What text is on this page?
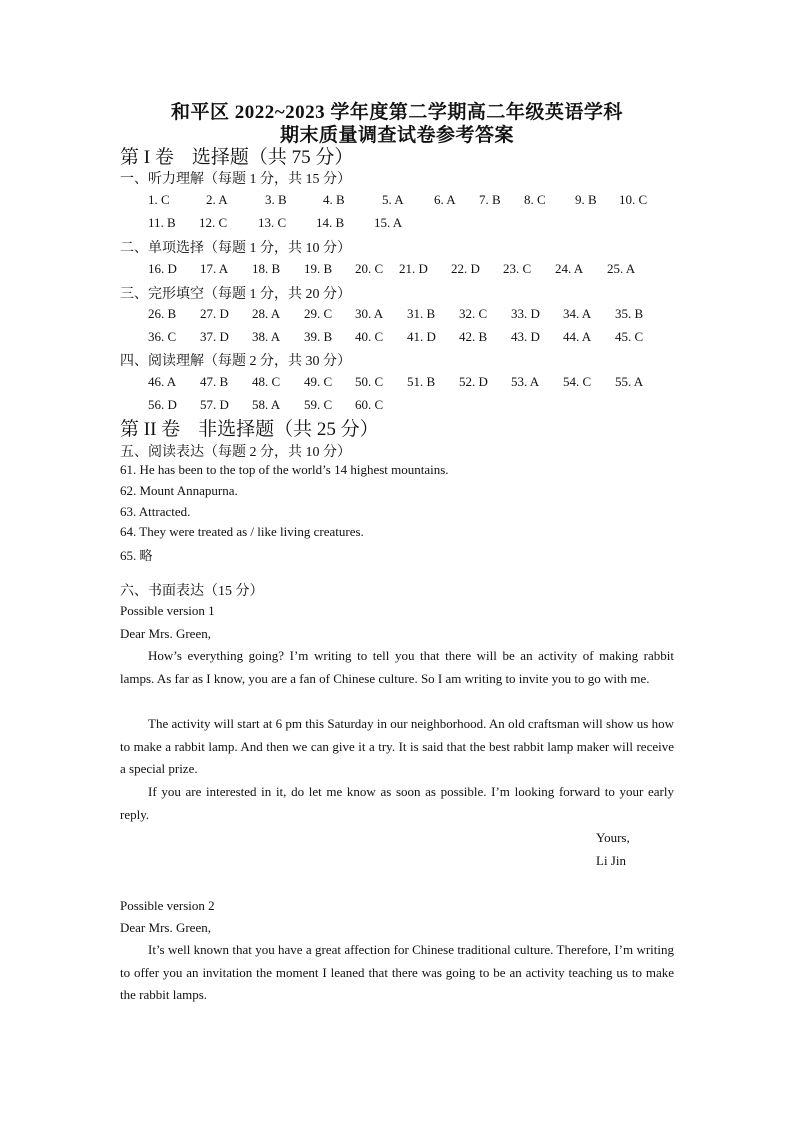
和平区 2022~2023 学年度第二学期高二年级英语学科
期末质量调查试卷参考答案
第 I 卷 选择题（共 75 分）
一、听力理解（每题 1 分，共 15 分）
1. C	2. A	3. B	4. B	5. A 6. A 7. B 8. C 9. B 10. C
11. B 12. C 13. C 14. B 15. A
二、单项选择（每题 1 分，共 10 分）
16. D 17. A 18. B 19. B 20. C 21. D 22. D 23. C 24. A 25. A
三、完形填空（每题 1 分，共 20 分）
26. B 27. D 28. A 29. C 30. A 31. B 32. C 33. D 34. A 35. B
36. C 37. D 38. A 39. B 40. C 41. D 42. B 43. D 44. A 45. C
四、阅读理解（每题 2 分，共 30 分）
46. A 47. B 48. C 49. C 50. C 51. B 52. D 53. A 54. C 55. A
56. D 57. D 58. A 59. C 60. C
第 II 卷 非选择题（共 25 分）
五、阅读表达（每题 2 分，共 10 分）
61. He has been to the top of the world’s 14 highest mountains.
62. Mount Annapurna.
63. Attracted.
64. They were treated as / like living creatures.
65. 略
六、书面表达（15 分）
Possible version 1
Dear Mrs. Green,
How’s everything going? I’m writing to tell you that there will be an activity of making rabbit lamps. As far as I know, you are a fan of Chinese culture. So I am writing to invite you to go with me.
The activity will start at 6 pm this Saturday in our neighborhood. An old craftsman will show us how to make a rabbit lamp. And then we can give it a try. It is said that the best rabbit lamp maker will receive a special prize.
If you are interested in it, do let me know as soon as possible. I’m looking forward to your early reply.
Yours,
Li Jin
Possible version 2
Dear Mrs. Green,
It’s well known that you have a great affection for Chinese traditional culture. Therefore, I’m writing to offer you an invitation the moment I leaned that there was going to be an activity teaching us to make the rabbit lamps.
